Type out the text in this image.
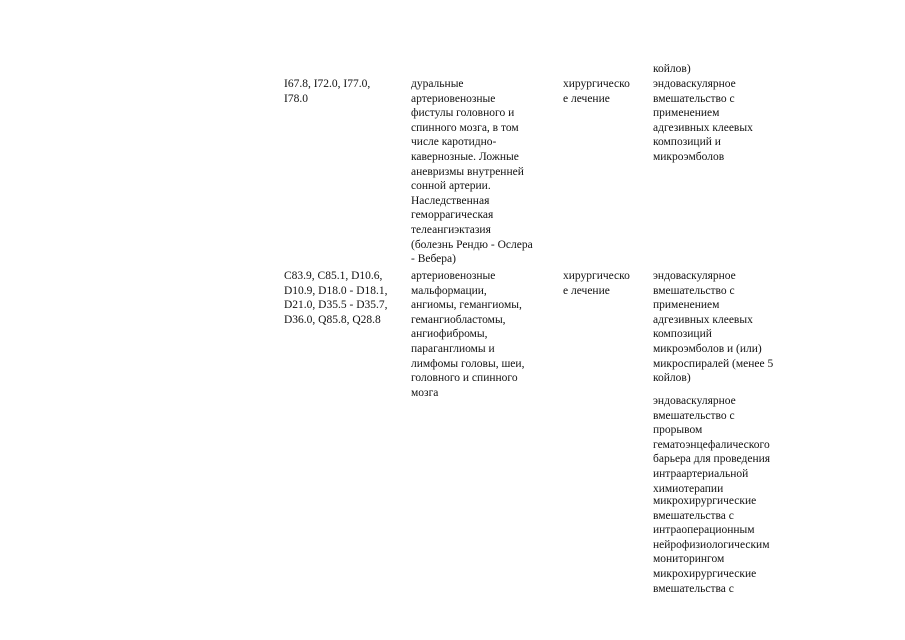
койлов)
I67.8, I72.0, I77.0,
I78.0
дуральные
артериовенозные
фистулы головного и
спинного мозга, в том
числе каротидно-
кавернозные. Ложные
аневризмы внутренней
сонной артерии.
Наследственная
геморрагическая
телеангиэктазия
(болезнь Рендю - Ослера
- Вебера)
хирургическо
е лечение
эндоваскулярное
вмешательство с
применением
адгезивных клеевых
композиций и
микроэмболов
C83.9, C85.1, D10.6,
D10.9, D18.0 - D18.1,
D21.0, D35.5 - D35.7,
D36.0, Q85.8, Q28.8
артериовенозные
мальформации,
ангиомы, гемангиомы,
гемангиобластомы,
ангиофибромы,
параганглиомы и
лимфомы головы, шеи,
головного и спинного
мозга
хирургическо
е лечение
эндоваскулярное
вмешательство с
применением
адгезивных клеевых
композиций
микроэмболов и (или)
микроспиралей (менее 5
койлов)
эндоваскулярное
вмешательство с
прорывом
гематоэнцефалического
барьера для проведения
интраартериальной
химиотерапии
микрохирургические
вмешательства с
интраоперационным
нейрофизиологическим
мониторингом
микрохирургические
вмешательства с
